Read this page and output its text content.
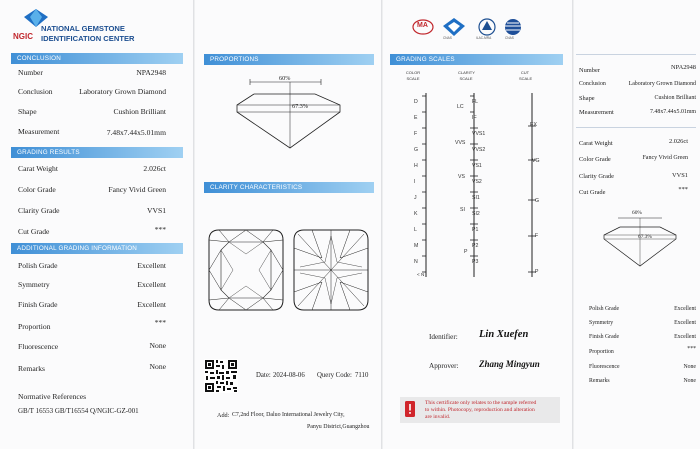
NGIC
NATIONAL GEMSTONE
IDENTIFICATION CENTER
CONCLUSION
Number	NPA2948
Conclusion	Laboratory Grown Diamond
Shape	Cushion Brilliant
Measurement	7.48x7.44x5.01mm
GRADING RESULTS
Carat Weight	2.026ct
Color Grade	Fancy Vivid Green
Clarity Grade	VVS1
Cut Grade	***
ADDITIONAL GRADING INFORMATION
Polish Grade	Excellent
Symmetry	Excellent
Finish Grade	Excellent
Proportion	***
Fluorescence	None
Remarks	None
Normative References
GB/T 16553 GB/T16554 Q/NGIC-GZ-001
PROPORTIONS
60%
67.3%
CLARITY CHARACTERISTICS
Date: 2024-08-06 Query Code: 7110
Add: C7,2nd Floor, Daluo International Jewelry City,
Panyu District,Guangzhou
MA
CNAS	ILAC-MRA	CNAS
GRADING SCALES
COLOR SCALE
CLARITY SCALE
CUT SCALE
D
E
F
G
H
I
J
K
L
M
N
< N
LC
VVS
VS
SI
P
FL
IF
VVS1
VVS2
VS1
VS2
SI1
SI2
P1
P2
P3
EX
VG
G
F
P
Identifier: Lin Xuefen
Approver: Zhang Mingyun
This certificate only relates to the sample referred
to within. Photocopy, reproduction and alteration
are invalid.
Number	NPA2948
Conclusion	Laboratory Grown Diamond
Shape	Cushion Brilliant
Measurement	7.48x7.44x5.01mm
Carat Weight	2.026ct
Color Grade	Fancy Vivid Green
Clarity Grade	VVS1
Cut Grade	***
60%
67.3%
Polish Grade	Excellent
Symmetry	Excellent
Finish Grade	Excellent
Proportion	***
Fluorescence	None
Remarks	None
